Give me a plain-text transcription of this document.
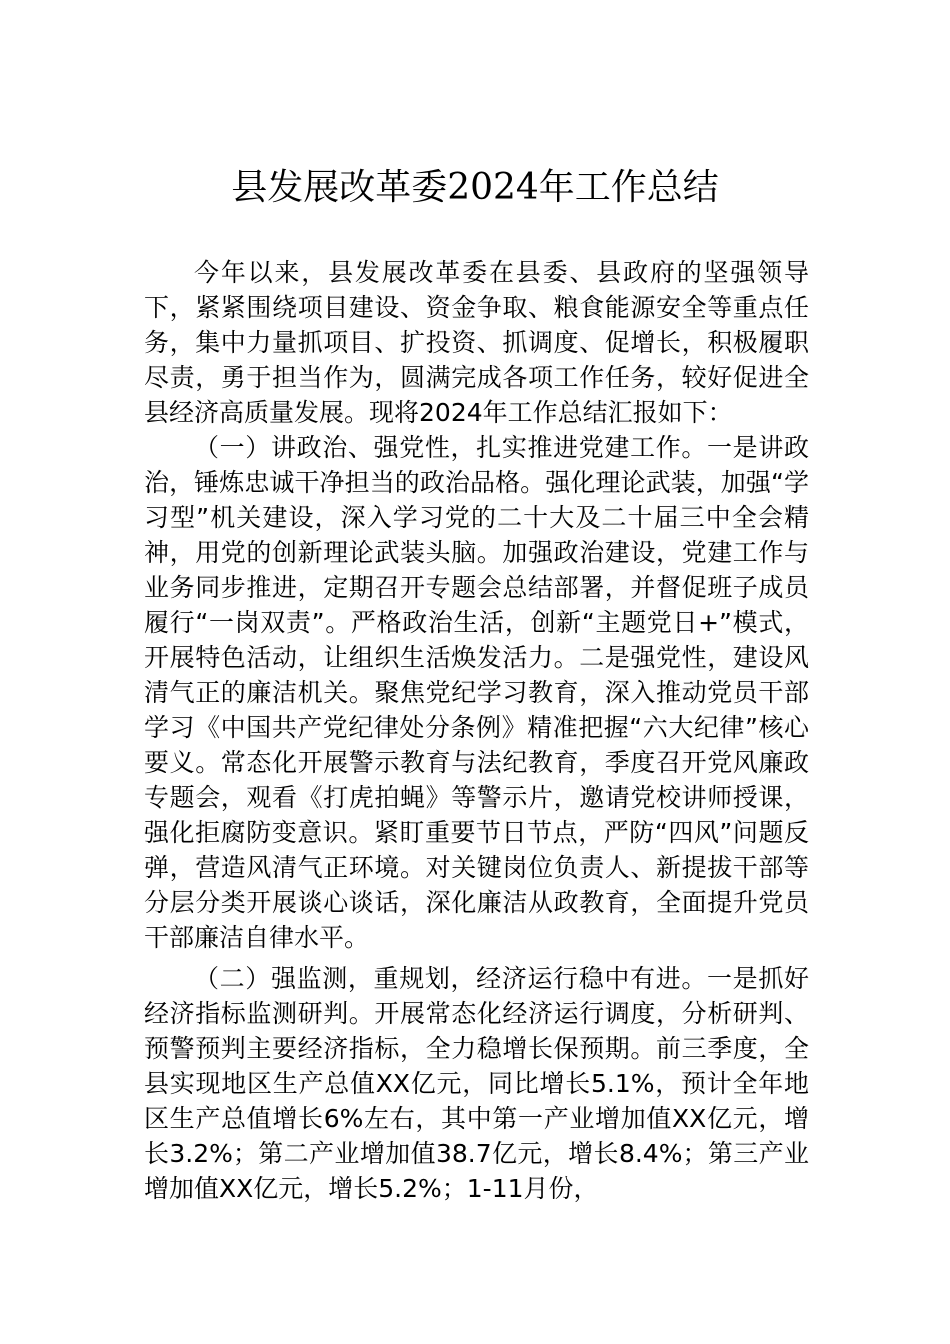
县发展改革委2024年工作总结

今年以来，县发展改革委在县委、县政府的坚强领导下，紧紧围绕项目建设、资金争取、粮食能源安全等重点任务，集中力量抓项目、扩投资、抓调度、促增长，积极履职尽责，勇于担当作为，圆满完成各项工作任务，较好促进全县经济高质量发展。现将2024年工作总结汇报如下：

（一）讲政治、强党性，扎实推进党建工作。一是讲政治，锤炼忠诚干净担当的政治品格。强化理论武装，加强“学习型”机关建设，深入学习党的二十大及二十届三中全会精神，用党的创新理论武装头脑。加强政治建设，党建工作与业务同步推进，定期召开专题会总结部署，并督促班子成员履行“一岗双责”。严格政治生活，创新“主题党日+”模式，开展特色活动，让组织生活焕发活力。二是强党性，建设风清气正的廉洁机关。聚焦党纪学习教育，深入推动党员干部学习《中国共产党纪律处分条例》精准把握“六大纪律”核心要义。常态化开展警示教育与法纪教育，季度召开党风廉政专题会，观看《打虎拍蝇》等警示片，邀请党校讲师授课，强化拒腐防变意识。紧盯重要节日节点，严防“四风”问题反弹，营造风清气正环境。对关键岗位负责人、新提拔干部等分层分类开展谈心谈话，深化廉洁从政教育，全面提升党员干部廉洁自律水平。

（二）强监测，重规划，经济运行稳中有进。一是抓好经济指标监测研判。开展常态化经济运行调度，分析研判、预警预判主要经济指标，全力稳增长保预期。前三季度，全县实现地区生产总值XX亿元，同比增长5.1%，预计全年地区生产总值增长6%左右，其中第一产业增加值XX亿元，增长3.2%；第二产业增加值38.7亿元，增长8.4%；第三产业增加值XX亿元，增长5.2%；1-11月份，
